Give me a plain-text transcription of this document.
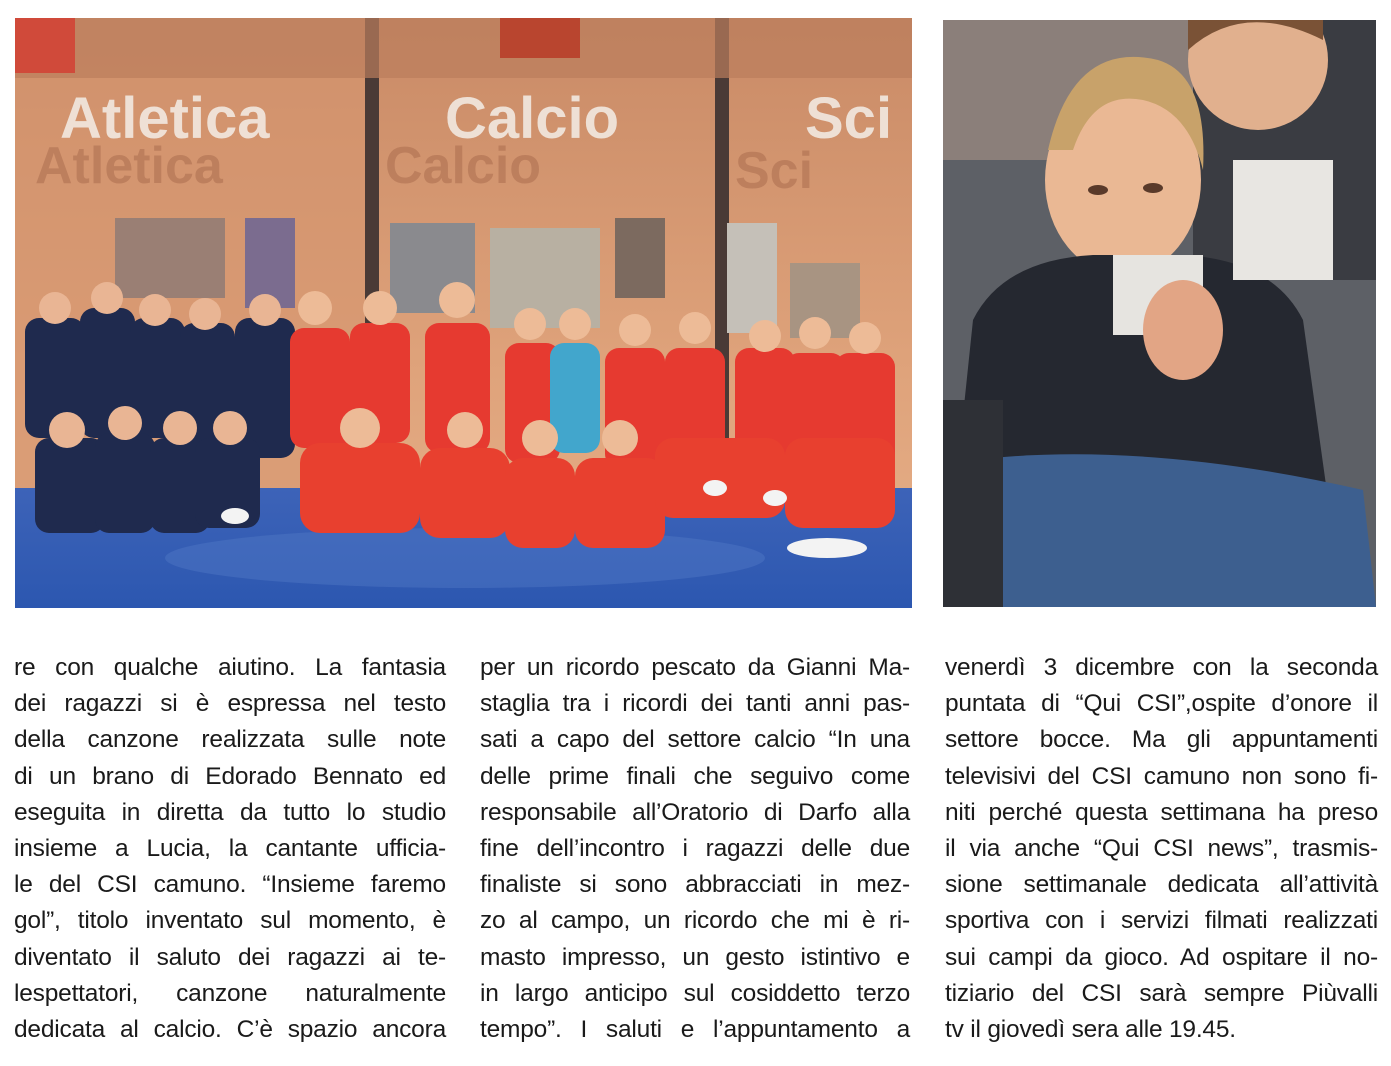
Atletica	Calcio	Sci
Atletica	Calcio	Sci
re con qualche aiutino. La fantasia
dei ragazzi si è espressa nel testo
della canzone realizzata sulle note
di un brano di Edorado Bennato ed
eseguita in diretta da tutto lo studio
insieme a Lucia, la cantante ufficia-
le del CSI camuno. “Insieme faremo
gol”, titolo inventato sul momento, è
diventato il saluto dei ragazzi ai te-
lespettatori, canzone naturalmente
dedicata al calcio. C’è spazio ancora
per un ricordo pescato da Gianni Ma-
staglia tra i ricordi dei tanti anni pas-
sati a capo del settore calcio “In una
delle prime finali che seguivo come
responsabile all’Oratorio di Darfo alla
fine dell’incontro i ragazzi delle due
finaliste si sono abbracciati in mez-
zo al campo, un ricordo che mi è ri-
masto impresso, un gesto istintivo e
in largo anticipo sul cosiddetto terzo
tempo”. I saluti e l’appuntamento a
venerdì 3 dicembre con la seconda
puntata di “Qui CSI”,ospite d’onore il
settore bocce. Ma gli appuntamenti
televisivi del CSI camuno non sono fi-
niti perché questa settimana ha preso
il via anche “Qui CSI news”, trasmis-
sione settimanale dedicata all’attività
sportiva con i servizi filmati realizzati
sui campi da gioco. Ad ospitare il no-
tiziario del CSI sarà sempre Piùvalli
tv il giovedì sera alle 19.45.
